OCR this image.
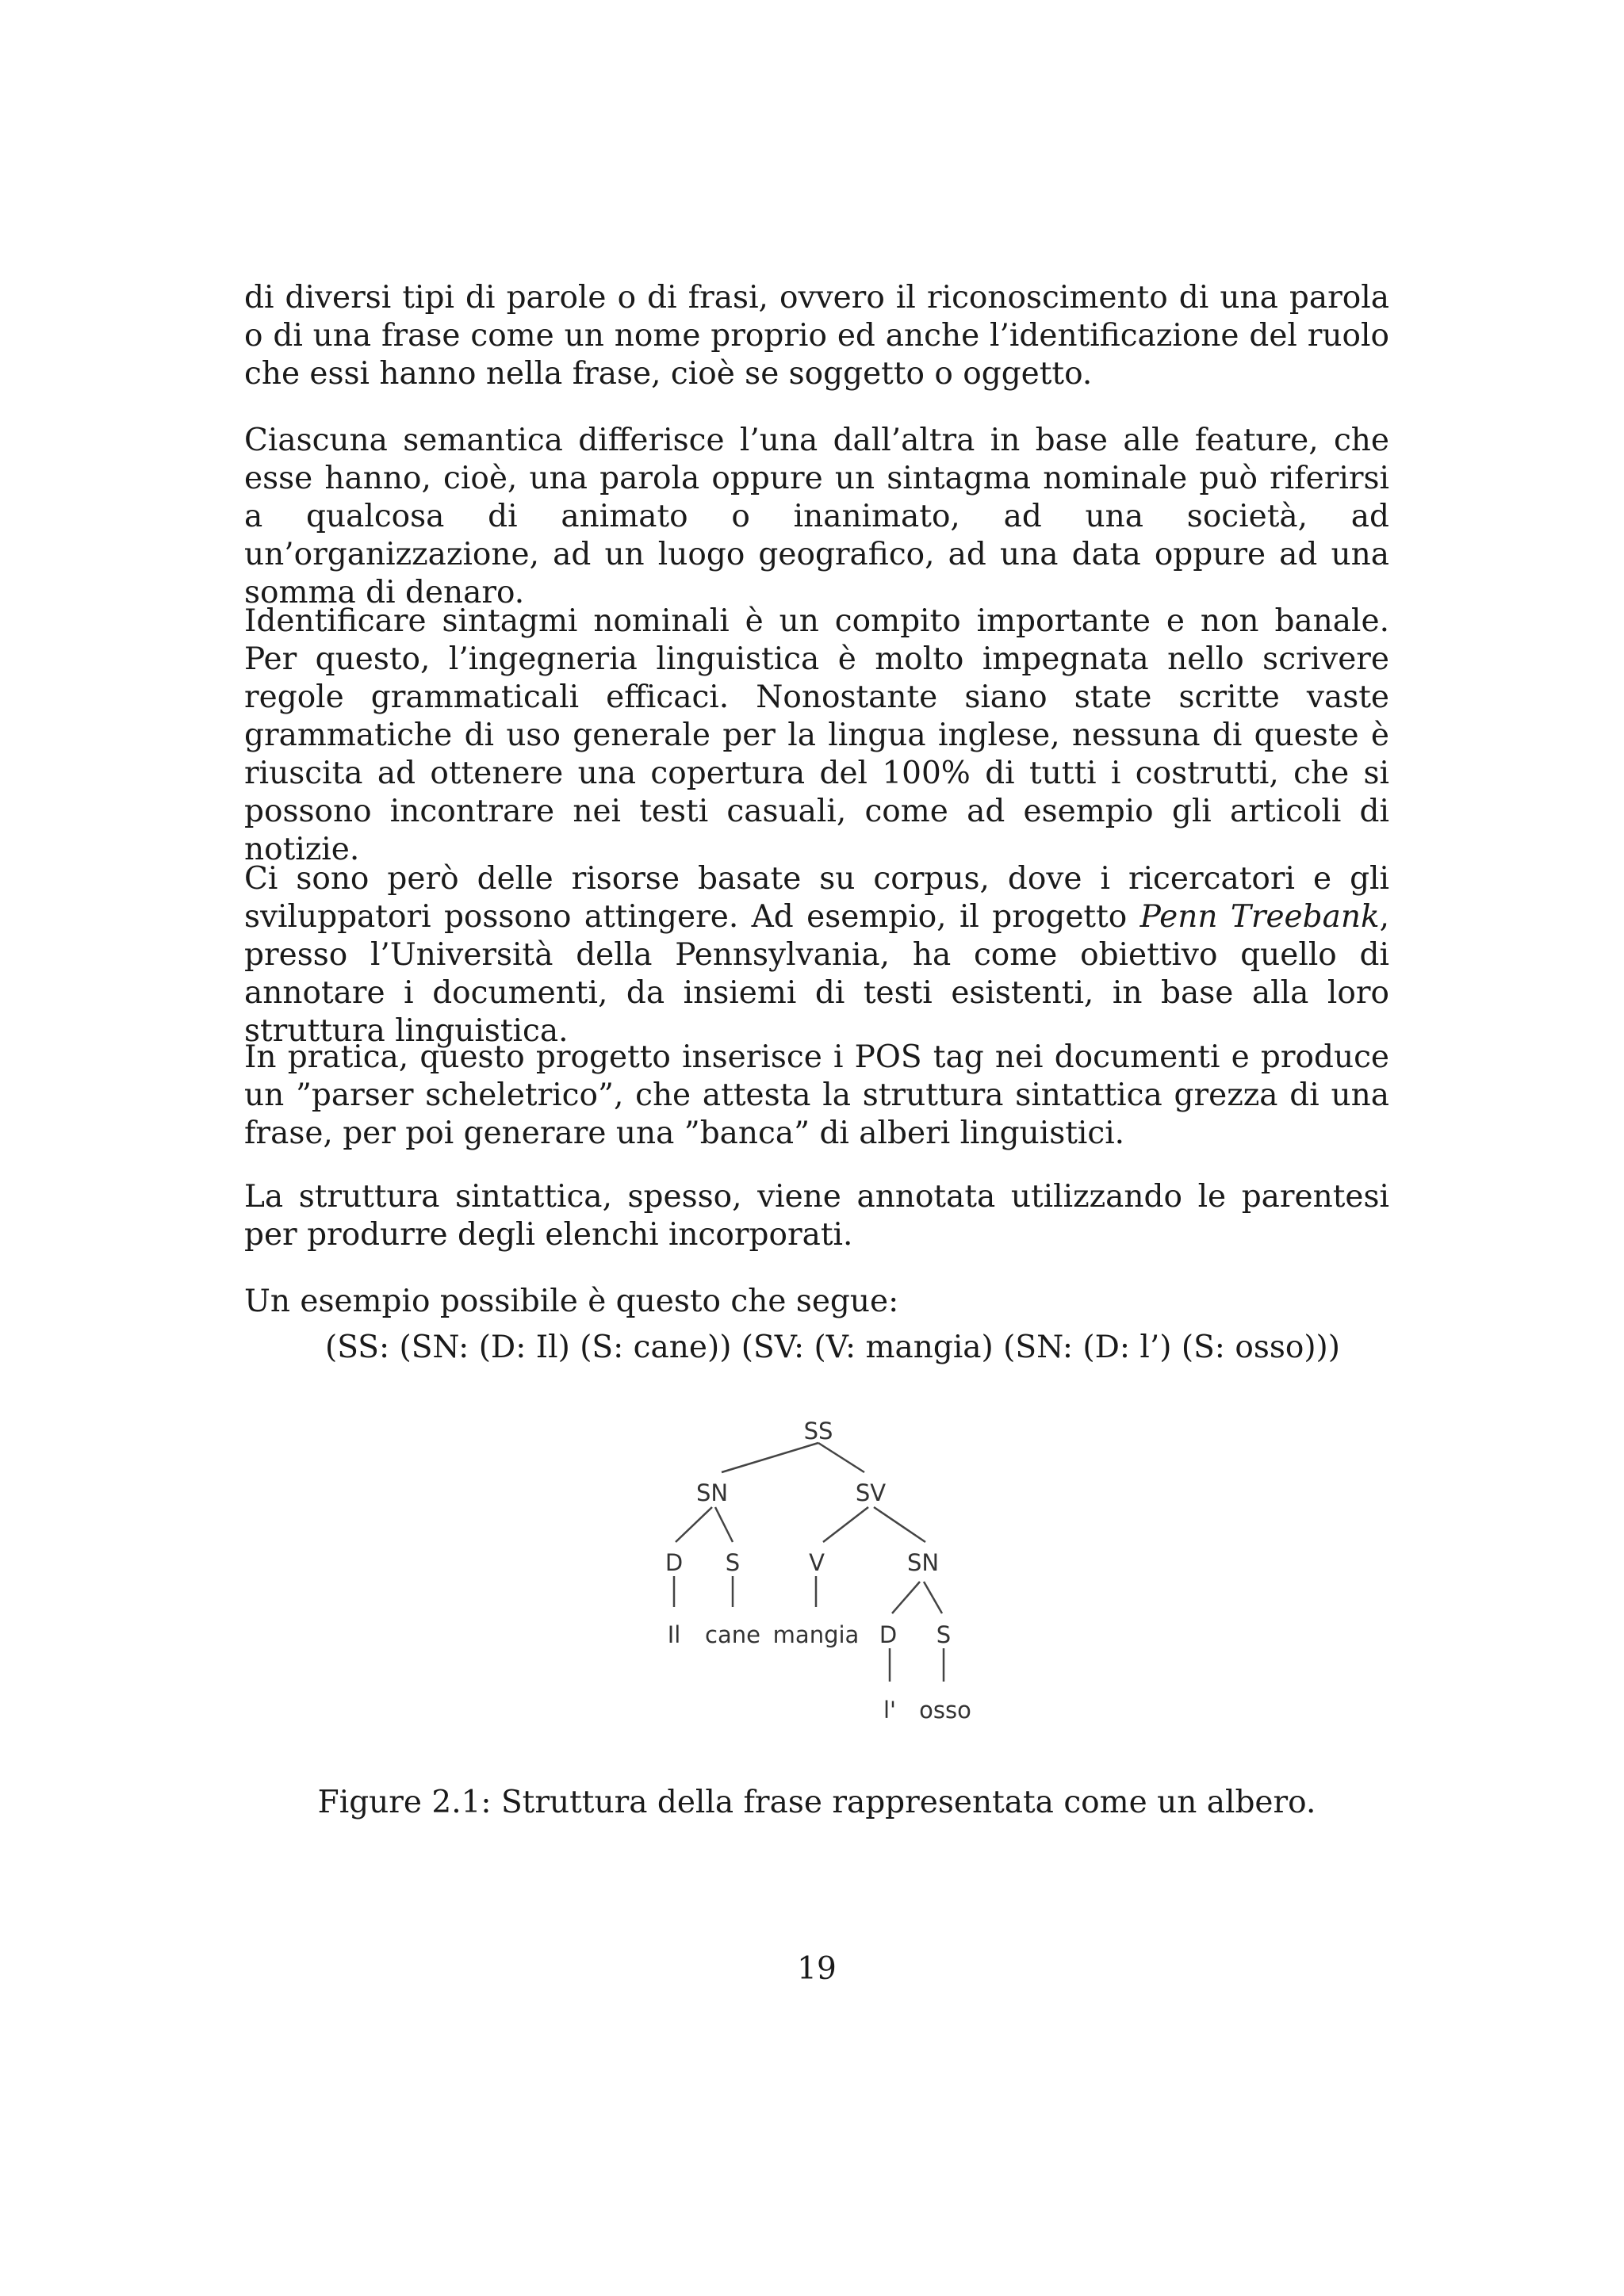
di diversi tipi di parole o di frasi, ovvero il riconoscimento di una parola o di una frase come un nome proprio ed anche l’identificazione del ruolo che essi hanno nella frase, cioè se soggetto o oggetto.

Ciascuna semantica differisce l’una dall’altra in base alle feature, che esse hanno, cioè, una parola oppure un sintagma nominale può riferirsi a qualcosa di animato o inanimato, ad una società, ad un’organizzazione, ad un luogo geografico, ad una data oppure ad una somma di denaro.

Identificare sintagmi nominali è un compito importante e non banale. Per questo, l’ingegneria linguistica è molto impegnata nello scrivere regole grammaticali efficaci. Nonostante siano state scritte vaste grammatiche di uso generale per la lingua inglese, nessuna di queste è riuscita ad ottenere una copertura del 100% di tutti i costrutti, che si possono incontrare nei testi casuali, come ad esempio gli articoli di notizie.

Ci sono però delle risorse basate su corpus, dove i ricercatori e gli sviluppatori possono attingere. Ad esempio, il progetto Penn Treebank, presso l’Università della Pennsylvania, ha come obiettivo quello di annotare i documenti, da insiemi di testi esistenti, in base alla loro struttura linguistica.

In pratica, questo progetto inserisce i POS tag nei documenti e produce un ”parser scheletrico”, che attesta la struttura sintattica grezza di una frase, per poi generare una ”banca” di alberi linguistici.

La struttura sintattica, spesso, viene annotata utilizzando le parentesi per produrre degli elenchi incorporati.

Un esempio possibile è questo che segue:

(SS: (SN: (D: Il) (S: cane)) (SV: (V: mangia) (SN: (D: l’) (S: osso)))

SS
SN	SV
D S	V	SN
D S
Il cane mangia
l' osso

Figure 2.1: Struttura della frase rappresentata come un albero.

19
